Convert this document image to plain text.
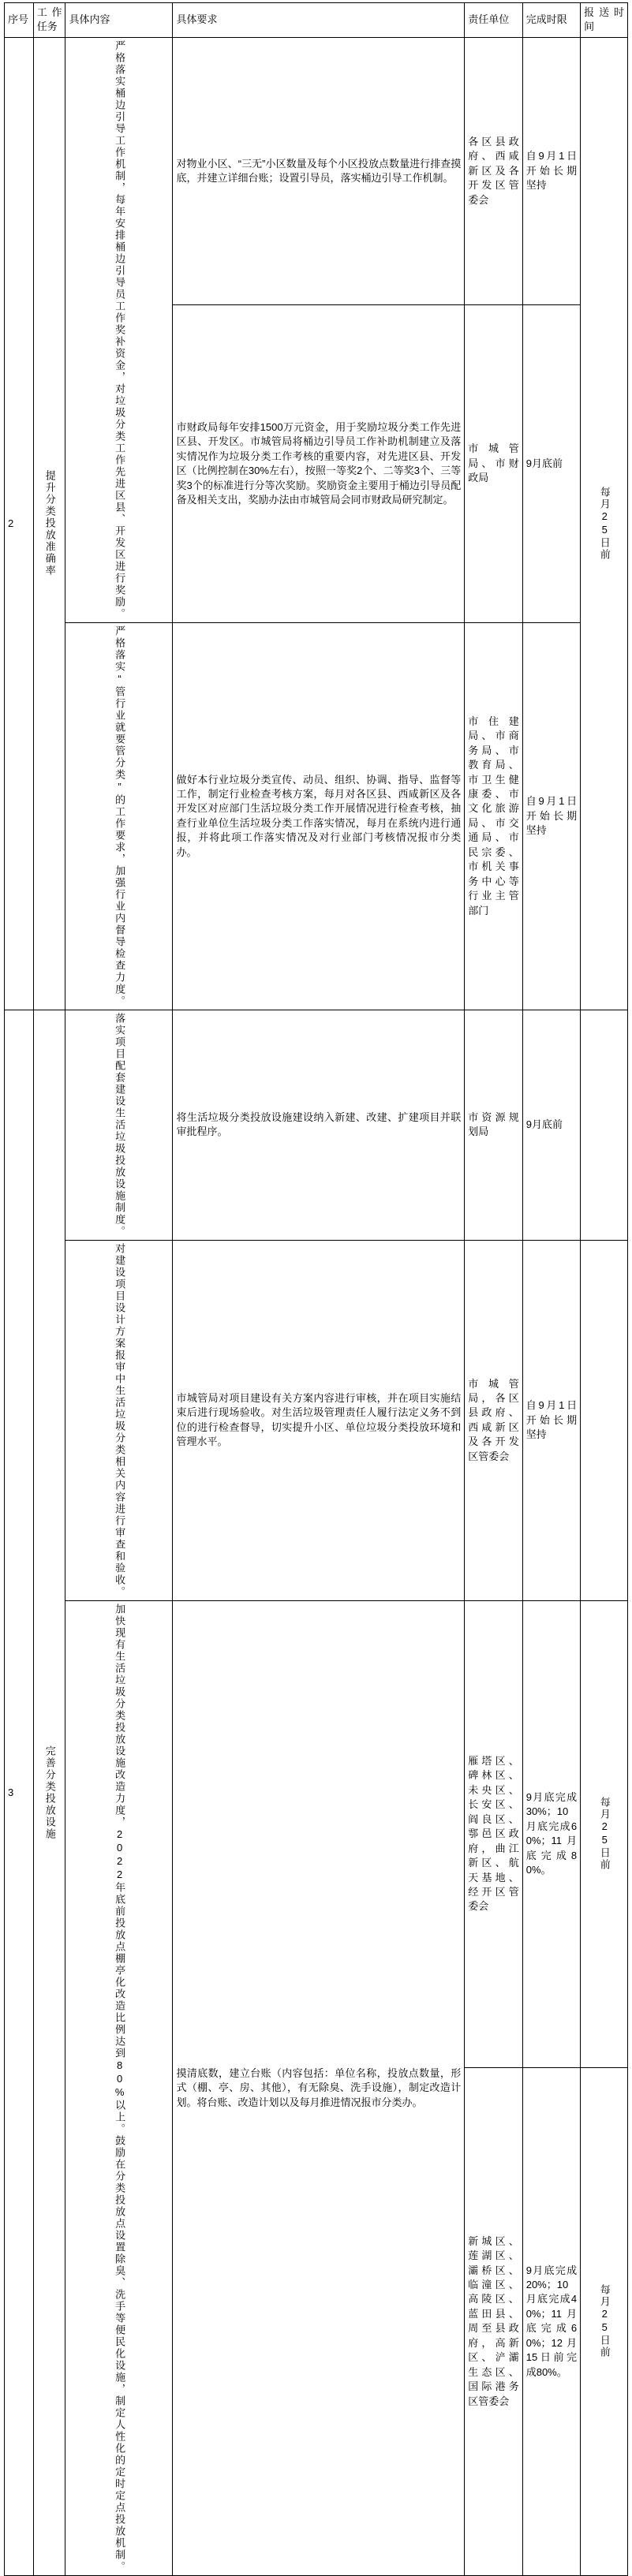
序号	工作任务	具体内容	具体要求	责任单位	完成时限	报送时间
2	提升分类投放准确率	严格落实桶边引导工作机制，每年安排桶边引导员工作奖补资金，对垃圾分类工作先进区县、开发区进行奖励。	对物业小区、“三无”小区数量及每个小区投放点数量进行排查摸底，并建立详细台账；设置引导员，落实桶边引导工作机制。	各区县政府、西咸新区及各开发区管委会	自9月1日开始长期坚持	每月25日前

			市财政局每年安排1500万元资金，用于奖励垃圾分类工作先进区县、开发区。市城管局将桶边引导员工作补助机制建立及落实情况作为垃圾分类工作考核的重要内容，对先进区县、开发区（比例控制在30%左右），按照一等奖2个、二等奖3个、三等奖3个的标准进行分等次奖励。奖励资金主要用于桶边引导员配备及相关支出，奖励办法由市城管局会同市财政局研究制定。	市城管局、市财政局	9月底前	

		严格落实“管行业就要管分类”的工作要求，加强行业内督导检查力度。	做好本行业垃圾分类宣传、动员、组织、协调、指导、监督等工作，制定行业检查考核方案，每月对各区县、西咸新区及各开发区对应部门生活垃圾分类工作开展情况进行检查考核，抽查行业单位生活垃圾分类工作落实情况，每月在系统内进行通报，并将此项工作落实情况及对行业部门考核情况报市分类办。	市住建局、市商务局、市教育局、市卫生健康委、市文化旅游局、市交通局、市民宗委、市机关事务中心等行业主管部门	自9月1日开始长期坚持	
3	完善分类投放设施	落实项目配套建设生活垃圾投放设施制度。	将生活垃圾分类投放设施建设纳入新建、改建、扩建项目并联审批程序。	市资源规划局	9月底前	

		对建设项目设计方案报审中生活垃圾分类相关内容进行审查和验收。	市城管局对项目建设有关方案内容进行审核，并在项目实施结束后进行现场验收。对生活垃圾管理责任人履行法定义务不到位的进行检查督导，切实提升小区、单位垃圾分类投放环境和管理水平。	市城管局，各区县政府、西咸新区及各开发区管委会	自9月1日开始长期坚持	

		加快现有生活垃圾分类投放设施改造力度，2022年底前投放点棚亭化改造比例达到80%以上。鼓励在分类投放点设置除臭、洗手等便民化设施，制定人性化的定时定点投放机制。	摸清底数，建立台账（内容包括：单位名称，投放点数量，形式（棚、亭、房、其他），有无除臭、洗手设施），制定改造计划。将台账、改造计划以及每月推进情况报市分类办。	雁塔区、碑林区、未央区、长安区、阎良区、鄠邑区政府，曲江新区、航天基地、经开区管委会	9月底完成30%；10月底完成60%；11月底完成80%。	每月25日前

				新城区、莲湖区、灞桥区、临潼区、高陵区、蓝田县、周至县政府，高新区、浐灞生态区、国际港务区管委会	9月底完成20%；10月底完成40%；11月底完成60%；12月15日前完成80%。	每月25日前
